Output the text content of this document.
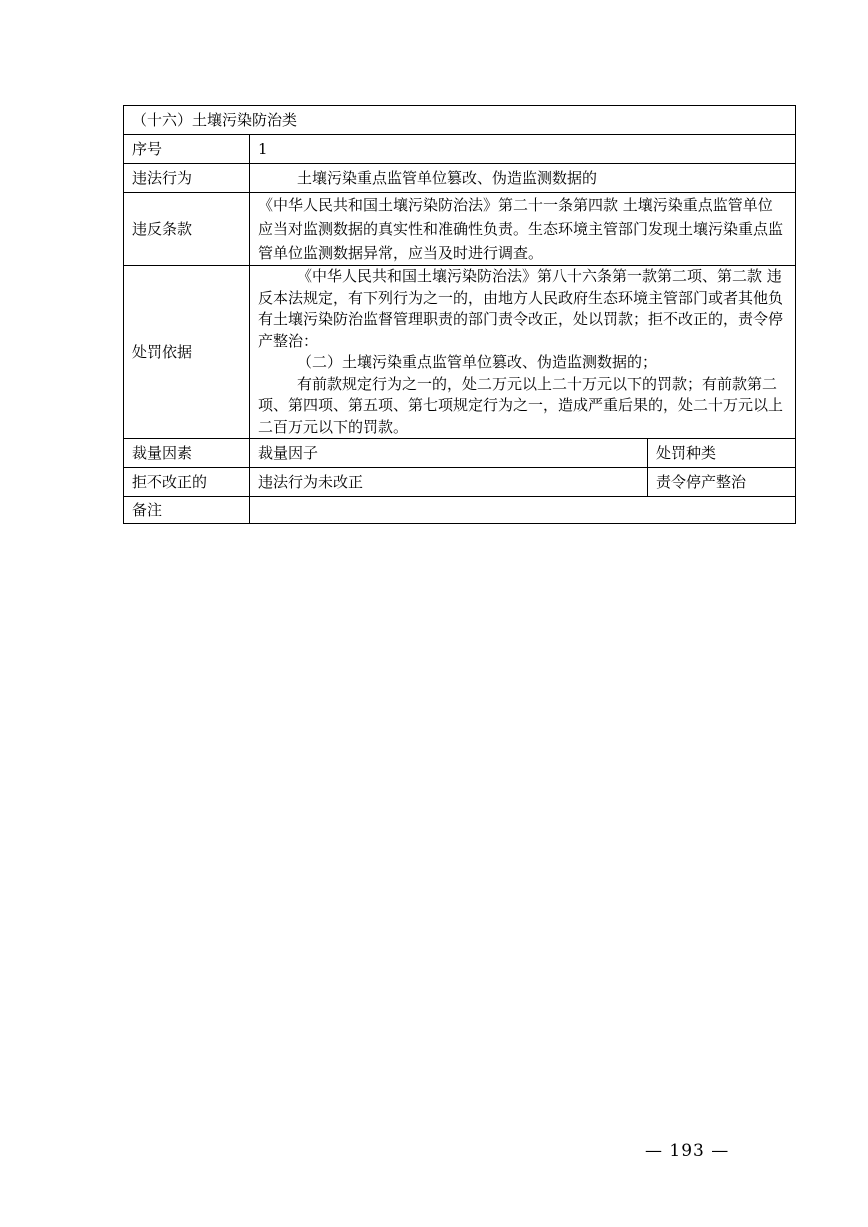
（十六）土壤污染防治类		
序号	1	
违法行为	土壤污染重点监管单位篡改、伪造监测数据的	
违反条款	《中华人民共和国土壤污染防治法》第二十一条第四款 土壤污染重点监管单位应当对监测数据的真实性和准确性负责。生态环境主管部门发现土壤污染重点监管单位监测数据异常，应当及时进行调查。	
处罚依据	《中华人民共和国土壤污染防治法》第八十六条第一款第二项、第二款 违反本法规定，有下列行为之一的，由地方人民政府生态环境主管部门或者其他负有土壤污染防治监督管理职责的部门责令改正，处以罚款；拒不改正的，责令停产整治：

（二）土壤污染重点监管单位篡改、伪造监测数据的；

有前款规定行为之一的，处二万元以上二十万元以下的罚款；有前款第二项、第四项、第五项、第七项规定行为之一，造成严重后果的，处二十万元以上二百万元以下的罚款。	

裁量因素	裁量因子	处罚种类
拒不改正的	违法行为未改正	责令停产整治
备注		
— 193 —
